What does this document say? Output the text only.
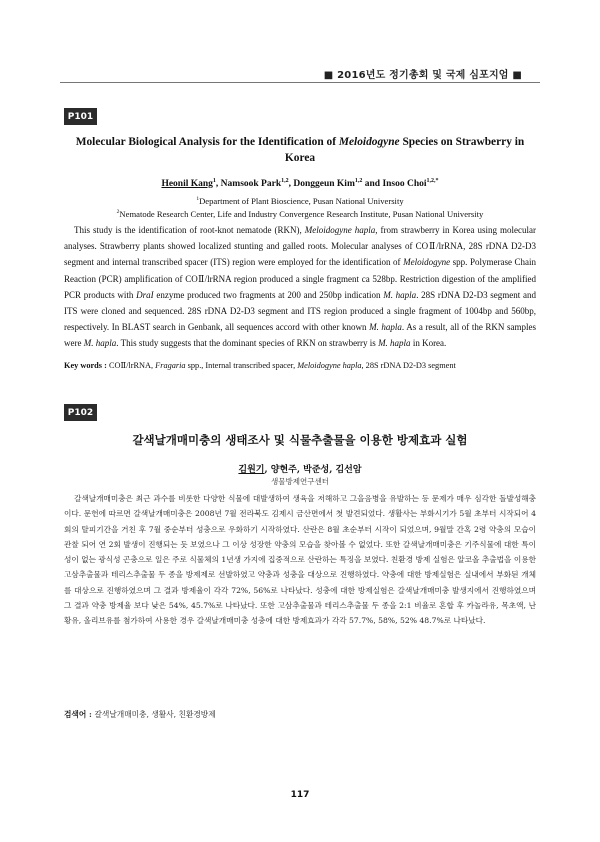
■ 2016년도 정기총회 및 국제 심포지엄 ■
P101
Molecular Biological Analysis for the Identification of Meloidogyne Species on Strawberry in Korea
Heonil Kang$^1$, Namsook Park$^{1,2}$, Donggeun Kim$^{1,2}$ and Insoo Choi$^{1,2,*}$
$^1$Department of Plant Bioscience, Pusan National University
$^2$Nematode Research Center, Life and Industry Convergence Research Institute, Pusan National University
This study is the identification of root-knot nematode (RKN), Meloidogyne hapla, from strawberry in Korea using molecular analyses. Strawberry plants showed localized stunting and galled roots. Molecular analyses of COⅡ/lrRNA, 28S rDNA D2-D3 segment and internal transcribed spacer (ITS) region were employed for the identification of Meloidogyne spp. Polymerase Chain Reaction (PCR) amplification of COⅡ/lrRNA region produced a single fragment ca 528bp. Restriction digestion of the amplified PCR products with DraI enzyme produced two fragments at 200 and 250bp indication M. hapla. 28S rDNA D2-D3 segment and ITS were cloned and sequenced. 28S rDNA D2-D3 segment and ITS region produced a single fragment of 1004bp and 560bp, respectively. In BLAST search in Genbank, all sequences accord with other known M. hapla. As a result, all of the RKN samples were M. hapla. This study suggests that the dominant species of RKN on strawberry is M. hapla in Korea.
Key words : COⅡ/lrRNA, Fragaria spp., Internal transcribed spacer, Meloidogyne hapla, 28S rDNA D2-D3 segment
P102
갈색날개매미충의 생태조사 및 식물추출물을 이용한 방제효과 실험
김원기, 양현주, 박준성, 김선암
생물방제연구센터
갈색날개매미충은 최근 과수를 비롯한 다양한 식물에 대발생하여 생육을 저해하고 그을음병을 유발하는 등 문제가 매우 심각한 돌발성해충이다. 문헌에 따르면 갈색날개매미충은 2008년 7월 전라북도 김제시 금산면에서 첫 발견되었다. 생활사는 부화시기가 5월 초부터 시작되어 4회의 탈피기간을 거친 후 7월 중순부터 성충으로 우화하기 시작하였다. 산란은 8월 초순부터 시작이 되었으며, 9월말 간혹 2령 약충의 모습이 관찰 되어 연 2회 발생이 진행되는 듯 보였으나 그 이상 성장한 약충의 모습을 찾아볼 수 없었다. 또한 갈색날개매미충은 기주식물에 대한 특이성이 없는 광식성 곤충으로 일은 주로 식물체의 1년생 가지에 집중적으로 산란하는 특징을 보였다. 친환경 방제 실험은 알코올 추출법을 이용한 고삼추출물과 테리스추출물 두 종을 방제제로 선발하였고 약충과 성충을 대상으로 진행하였다. 약충에 대한 방제실험은 실내에서 부화된 개체를 대상으로 진행하였으며 그 결과 방제율이 각각 72%, 56%로 나타났다. 성충에 대한 방제실험은 갈색날개매미충 발생지에서 진행하였으며 그 결과 약충 방제율 보다 낮은 54%, 45.7%로 나타났다. 또한 고삼추출물과 테리스추출물 두 종을 2:1 비율로 혼합 후 카놀라유, 목초액, 난황유, 올리브유를 첨가하여 사용한 경우 갈색날개매미충 성충에 대한 방제효과가 각각 57.7%, 58%, 52% 48.7%로 나타났다.
검색어 : 갈색날개매미충, 생활사, 친환경방제
117
